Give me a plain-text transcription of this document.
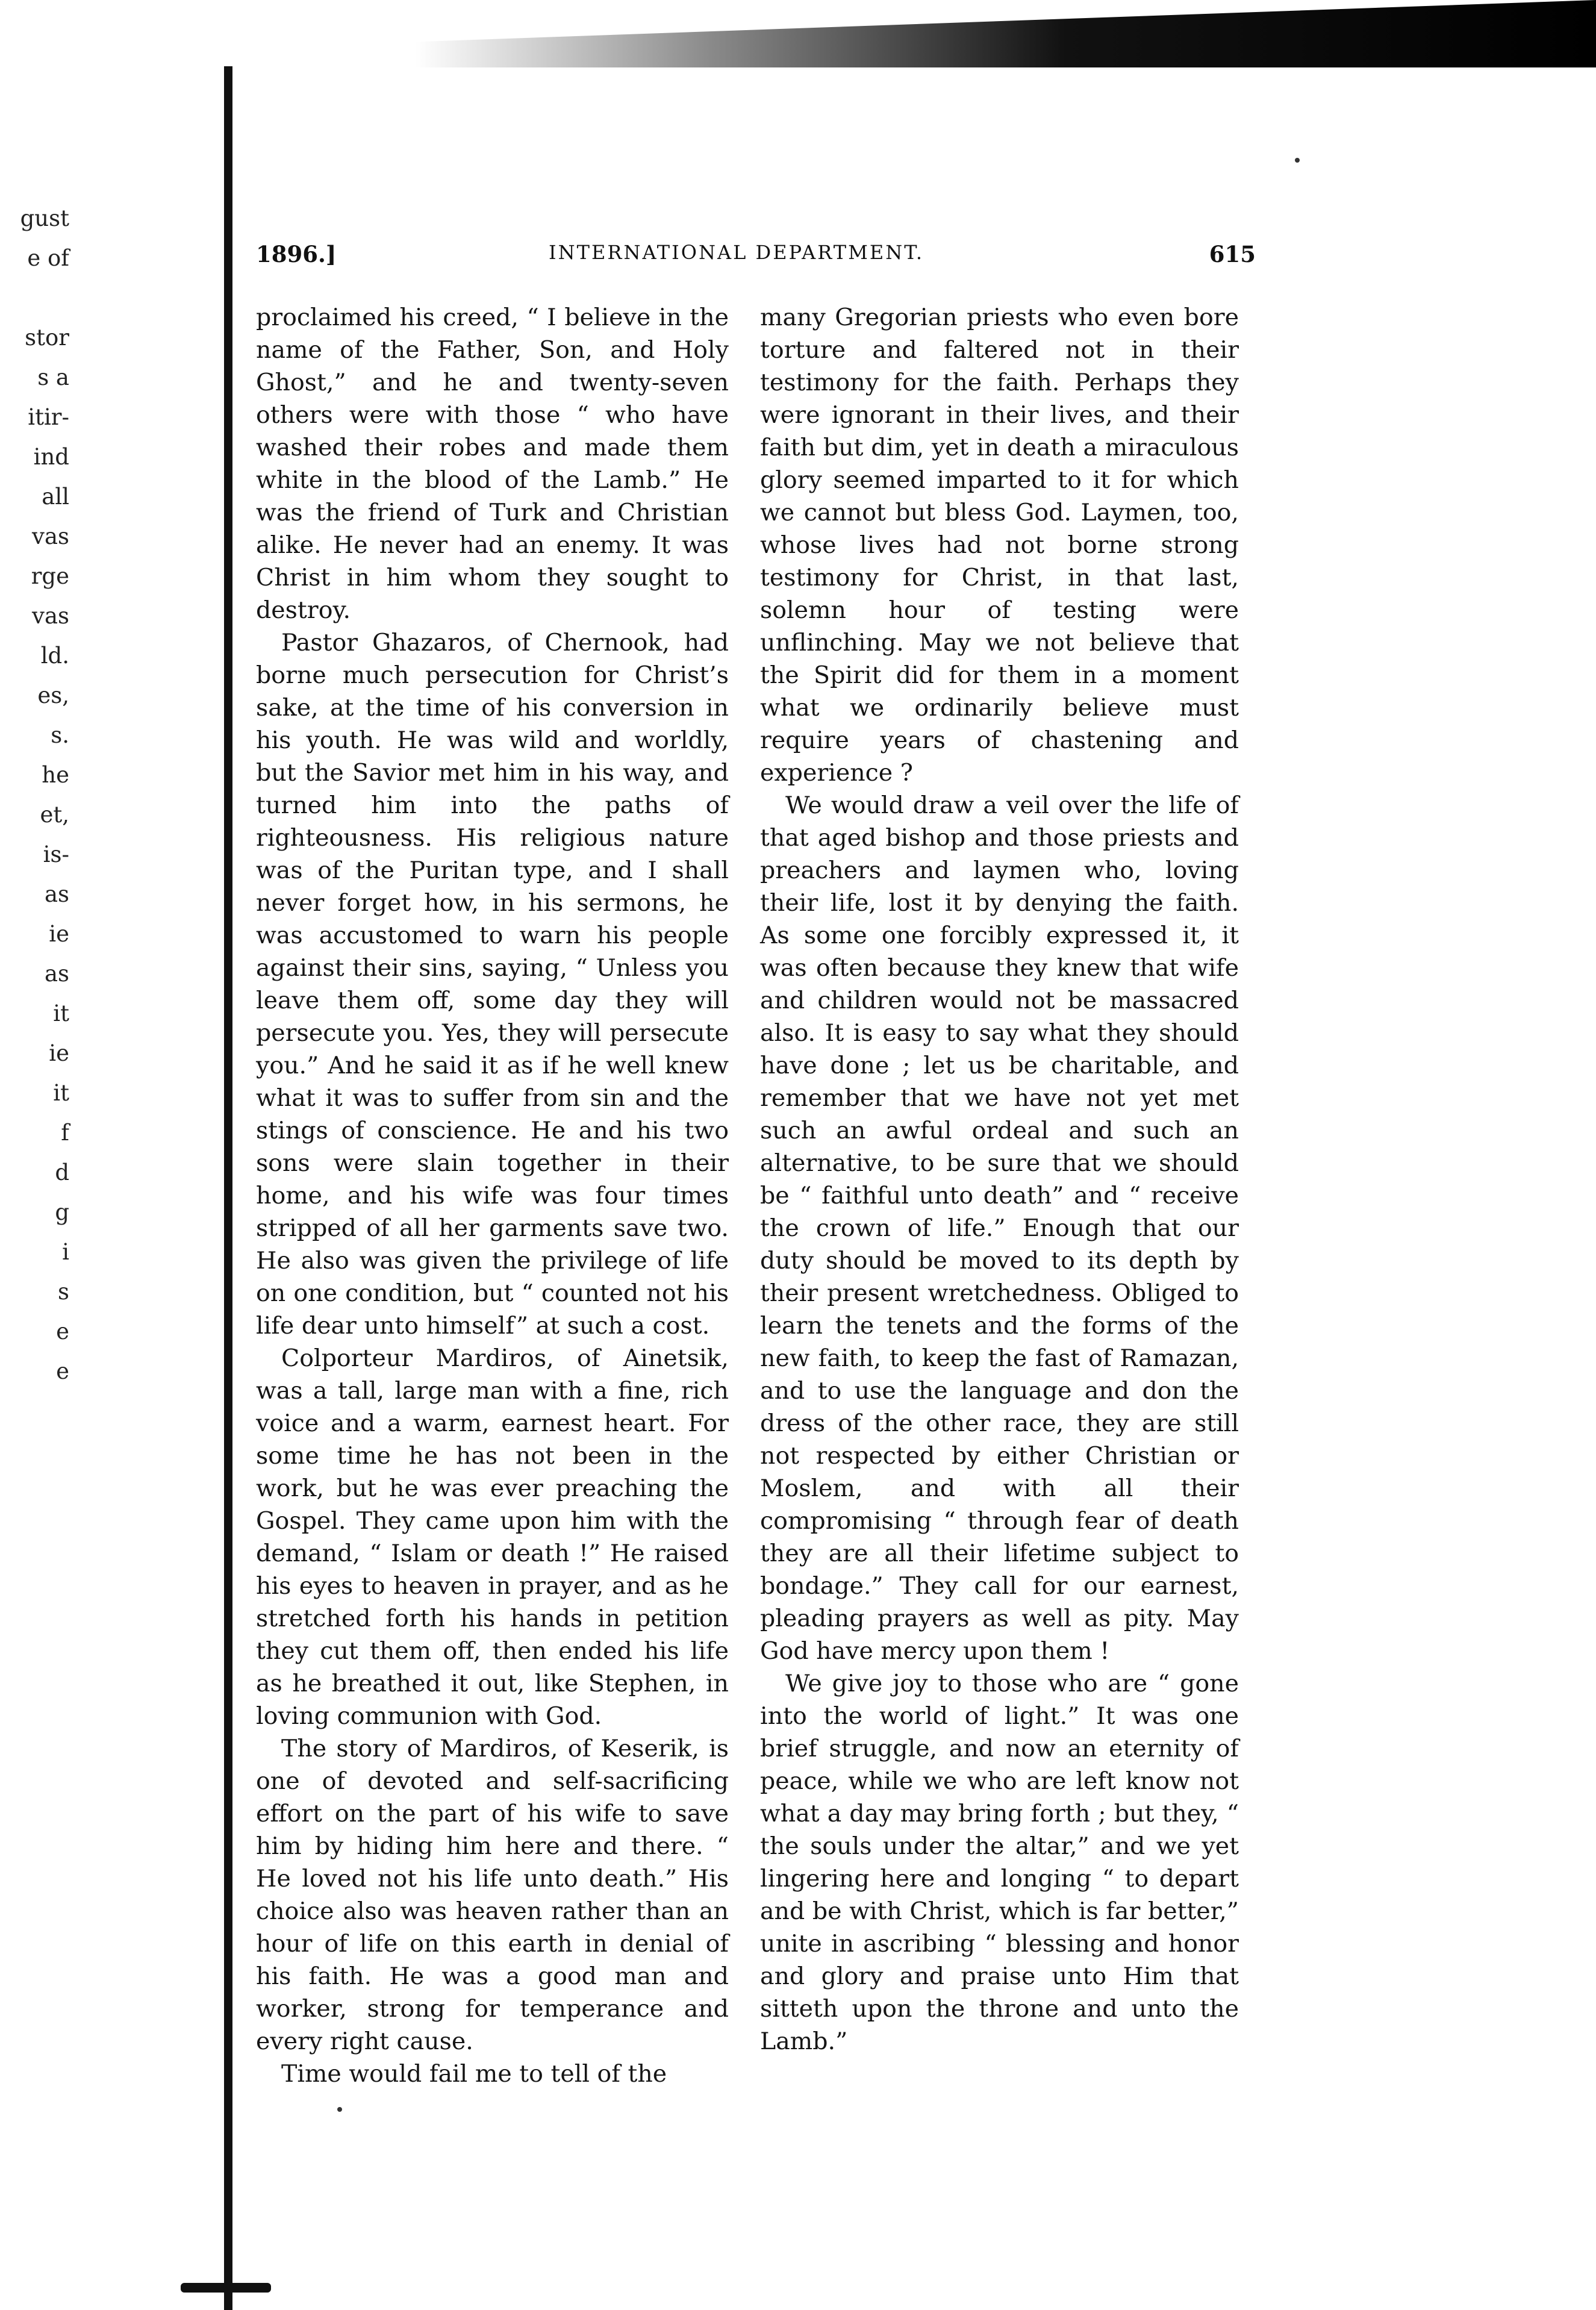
gust
e of

stor
s a
itir-
ind
all
vas
rge
vas
ld.
es,
s.
he
et,
is-
as
ie
as
it
ie
it
f
d
g
i
s
e
e
1896.]	INTERNATIONAL DEPARTMENT.	615

proclaimed his creed, “ I believe in the name of the Father, Son, and Holy Ghost,” and he and twenty-seven others were with those “ who have washed their robes and made them white in the blood of the Lamb.” He was the friend of Turk and Christian alike. He never had an enemy. It was Christ in him whom they sought to destroy.

Pastor Ghazaros, of Chernook, had borne much persecution for Christ’s sake, at the time of his conversion in his youth. He was wild and worldly, but the Savior met him in his way, and turned him into the paths of righteousness. His religious nature was of the Puritan type, and I shall never forget how, in his sermons, he was accustomed to warn his people against their sins, saying, “ Unless you leave them off, some day they will persecute you. Yes, they will persecute you.” And he said it as if he well knew what it was to suffer from sin and the stings of conscience. He and his two sons were slain together in their home, and his wife was four times stripped of all her garments save two. He also was given the privilege of life on one condition, but “ counted not his life dear unto himself” at such a cost.

Colporteur Mardiros, of Ainetsik, was a tall, large man with a fine, rich voice and a warm, earnest heart. For some time he has not been in the work, but he was ever preaching the Gospel. They came upon him with the demand, “ Islam or death !” He raised his eyes to heaven in prayer, and as he stretched forth his hands in petition they cut them off, then ended his life as he breathed it out, like Stephen, in loving communion with God.

The story of Mardiros, of Keserik, is one of devoted and self-sacrificing effort on the part of his wife to save him by hiding him here and there. “ He loved not his life unto death.” His choice also was heaven rather than an hour of life on this earth in denial of his faith. He was a good man and worker, strong for temperance and every right cause.

Time would fail me to tell of the

many Gregorian priests who even bore torture and faltered not in their testimony for the faith. Perhaps they were ignorant in their lives, and their faith but dim, yet in death a miraculous glory seemed imparted to it for which we cannot but bless God. Laymen, too, whose lives had not borne strong testimony for Christ, in that last, solemn hour of testing were unflinching. May we not believe that the Spirit did for them in a moment what we ordinarily believe must require years of chastening and experience ?

We would draw a veil over the life of that aged bishop and those priests and preachers and laymen who, loving their life, lost it by denying the faith. As some one forcibly expressed it, it was often because they knew that wife and children would not be massacred also. It is easy to say what they should have done ; let us be charitable, and remember that we have not yet met such an awful ordeal and such an alternative, to be sure that we should be “ faithful unto death” and “ receive the crown of life.” Enough that our duty should be moved to its depth by their present wretchedness. Obliged to learn the tenets and the forms of the new faith, to keep the fast of Ramazan, and to use the language and don the dress of the other race, they are still not respected by either Christian or Moslem, and with all their compromising “ through fear of death they are all their lifetime subject to bondage.” They call for our earnest, pleading prayers as well as pity. May God have mercy upon them !

We give joy to those who are “ gone into the world of light.” It was one brief struggle, and now an eternity of peace, while we who are left know not what a day may bring forth ; but they, “ the souls under the altar,” and we yet lingering here and longing “ to depart and be with Christ, which is far better,” unite in ascribing “ blessing and honor and glory and praise unto Him that sitteth upon the throne and unto the Lamb.”
